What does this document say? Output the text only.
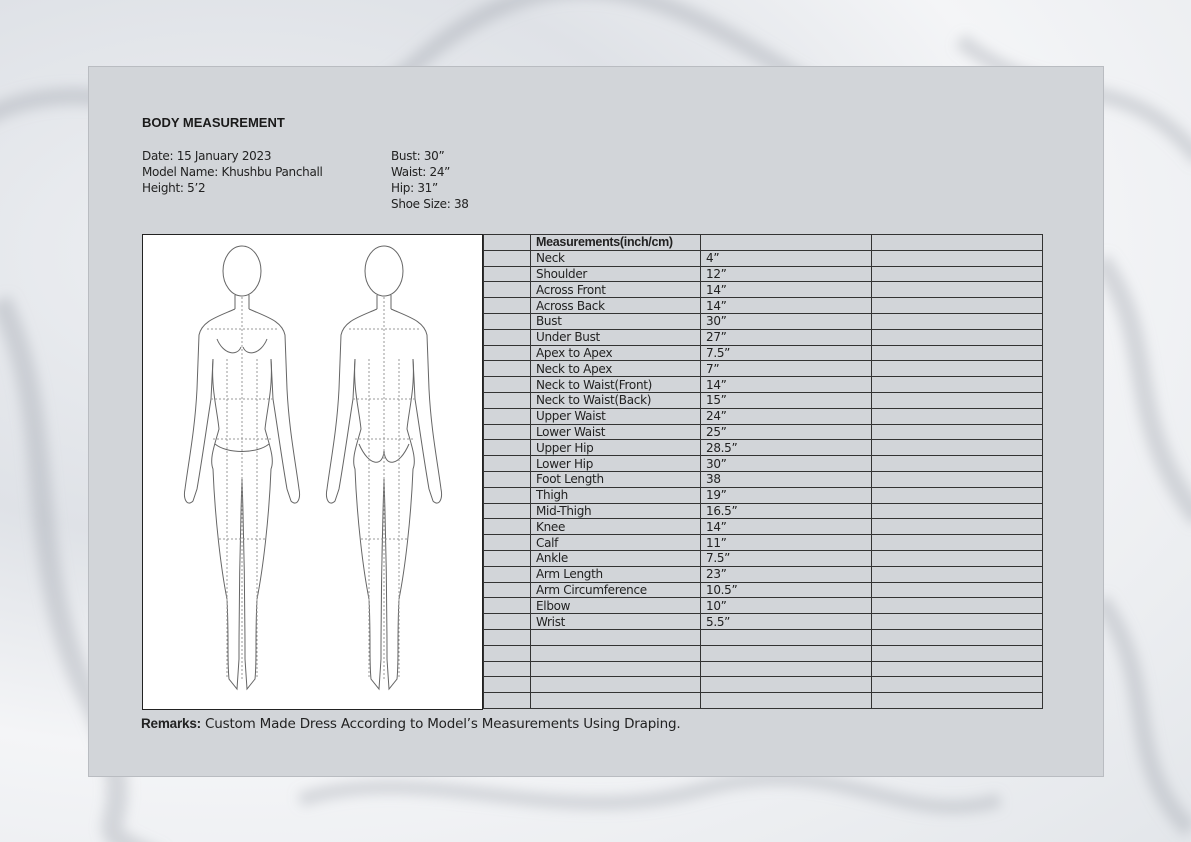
BODY MEASUREMENT
Date: 15 January 2023
Model Name: Khushbu Panchall
Height: 5’2
Bust: 30”
Waist: 24”
Hip: 31”
Shoe Size: 38
	Measurements(inch/cm)		
	Neck	4”	
	Shoulder	12”	
	Across Front	14”	
	Across Back	14”	
	Bust	30”	
	Under Bust	27”	
	Apex to Apex	7.5”	
	Neck to Apex	7”	
	Neck to Waist(Front)	14”	
	Neck to Waist(Back)	15”	
	Upper Waist	24”	
	Lower Waist	25”	
	Upper Hip	28.5”	
	Lower Hip	30”	
	Foot Length	38	
	Thigh	19”	
	Mid-Thigh	16.5”	
	Knee	14”	
	Calf	11”	
	Ankle	7.5”	
	Arm Length	23”	
	Arm Circumference	10.5”	
	Elbow	10”	
	Wrist	5.5”	

Remarks: Custom Made Dress According to Model’s Measurements Using Draping.
